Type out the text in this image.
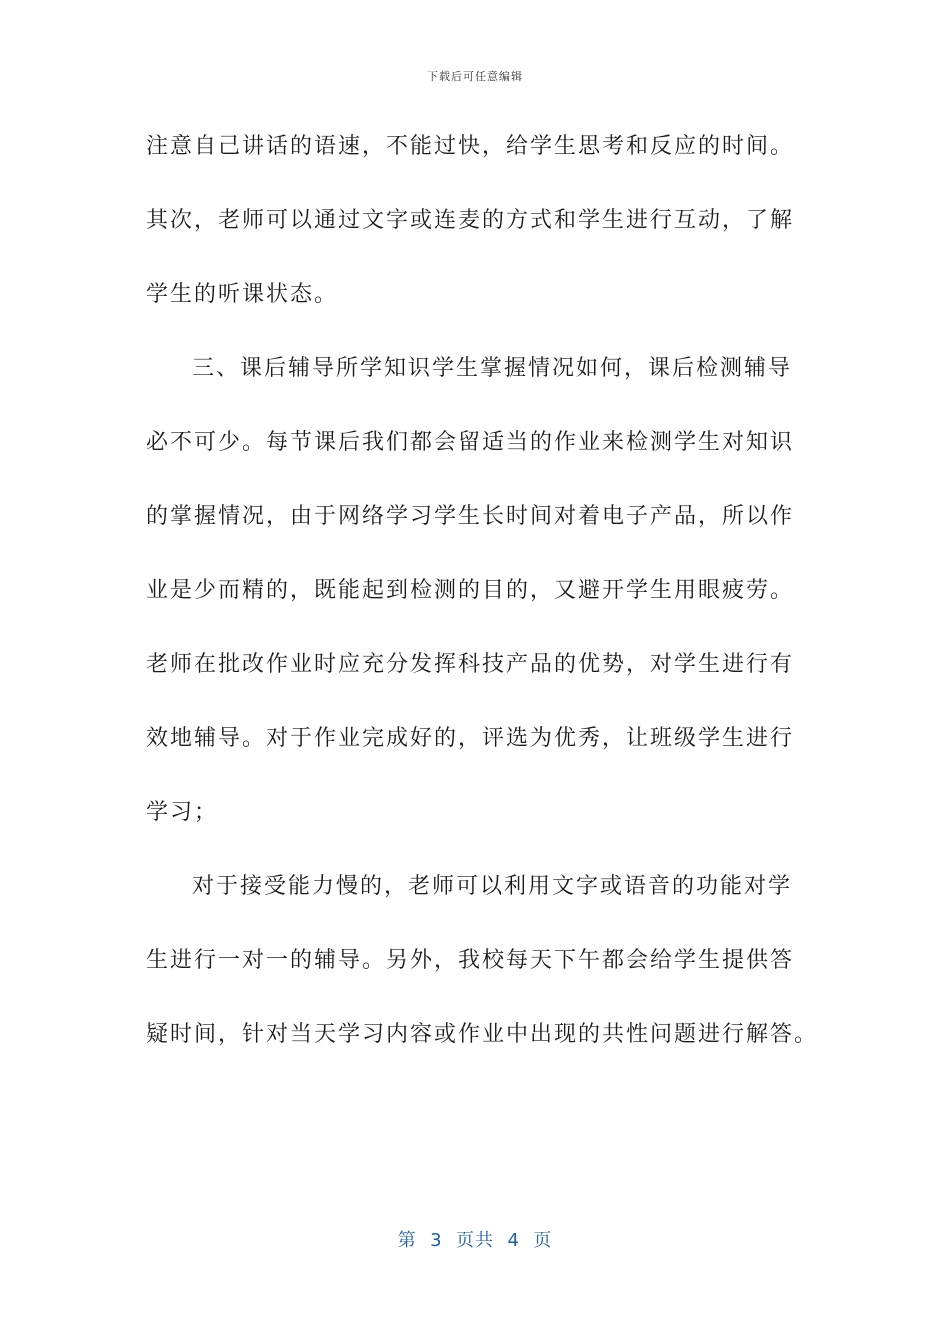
下载后可任意编辑
注意自己讲话的语速，不能过快，给学生思考和反应的时间。
其次，老师可以通过文字或连麦的方式和学生进行互动，了解
学生的听课状态。
三、课后辅导所学知识学生掌握情况如何，课后检测辅导
必不可少。每节课后我们都会留适当的作业来检测学生对知识
的掌握情况，由于网络学习学生长时间对着电子产品，所以作
业是少而精的，既能起到检测的目的，又避开学生用眼疲劳。
老师在批改作业时应充分发挥科技产品的优势，对学生进行有
效地辅导。对于作业完成好的，评选为优秀，让班级学生进行
学习；
对于接受能力慢的，老师可以利用文字或语音的功能对学
生进行一对一的辅导。另外，我校每天下午都会给学生提供答
疑时间，针对当天学习内容或作业中出现的共性问题进行解答。
第  3  页共  4  页
